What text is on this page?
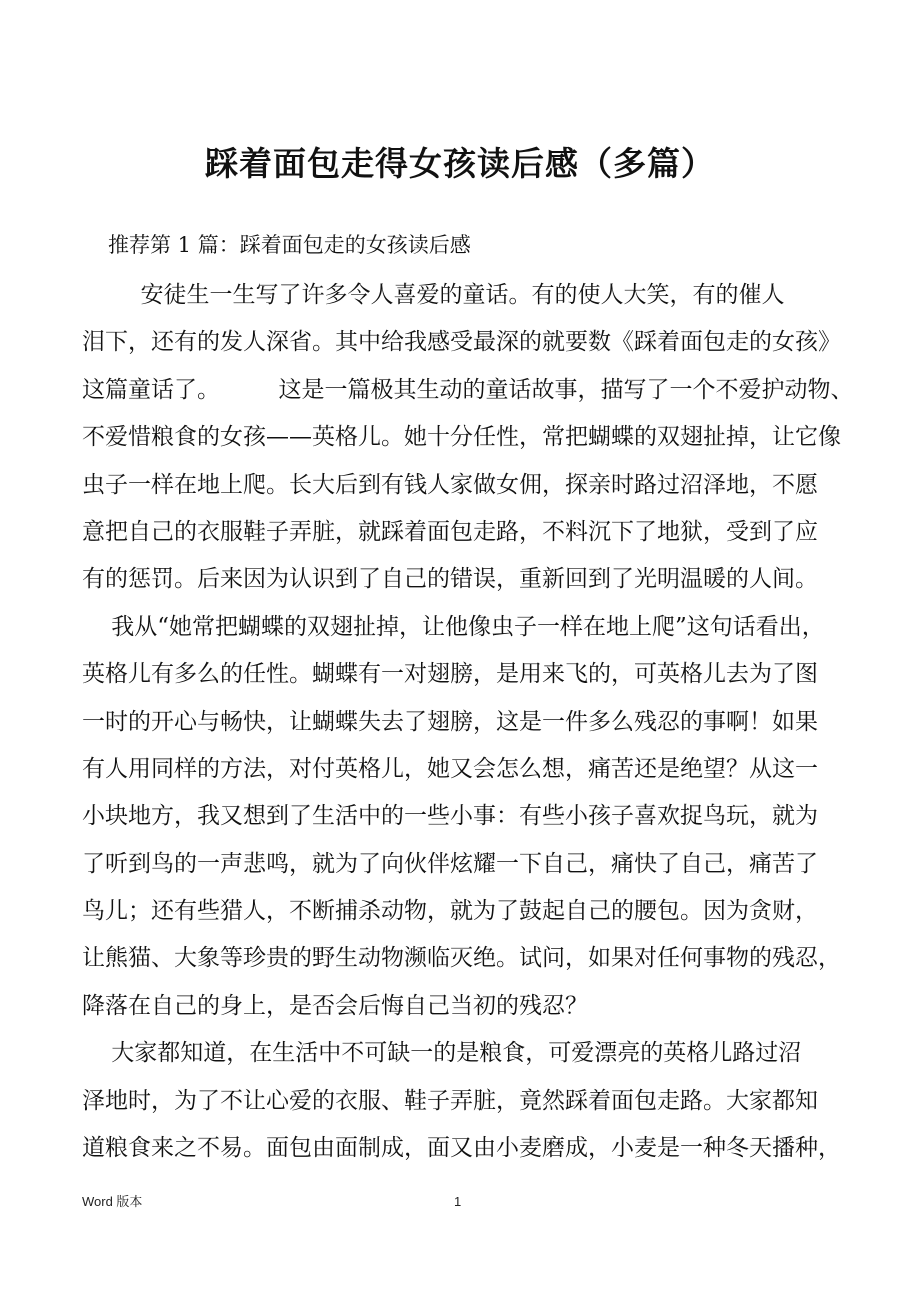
踩着面包走得女孩读后感（多篇）
推荐第 1 篇：踩着面包走的女孩读后感
安徒生一生写了许多令人喜爱的童话。有的使人大笑，有的催人
泪下，还有的发人深省。其中给我感受最深的就要数《踩着面包走的女孩》
这篇童话了。        这是一篇极其生动的童话故事，描写了一个不爱护动物、
不爱惜粮食的女孩——英格儿。她十分任性，常把蝴蝶的双翅扯掉，让它像
虫子一样在地上爬。长大后到有钱人家做女佣，探亲时路过沼泽地，不愿
意把自己的衣服鞋子弄脏，就踩着面包走路，不料沉下了地狱，受到了应
有的惩罚。后来因为认识到了自己的错误，重新回到了光明温暖的人间。
我从“她常把蝴蝶的双翅扯掉，让他像虫子一样在地上爬”这句话看出，
英格儿有多么的任性。蝴蝶有一对翅膀，是用来飞的，可英格儿去为了图
一时的开心与畅快，让蝴蝶失去了翅膀，这是一件多么残忍的事啊！如果
有人用同样的方法，对付英格儿，她又会怎么想，痛苦还是绝望？从这一
小块地方，我又想到了生活中的一些小事：有些小孩子喜欢捉鸟玩，就为
了听到鸟的一声悲鸣，就为了向伙伴炫耀一下自己，痛快了自己，痛苦了
鸟儿；还有些猎人，不断捕杀动物，就为了鼓起自己的腰包。因为贪财，
让熊猫、大象等珍贵的野生动物濒临灭绝。试问，如果对任何事物的残忍，
降落在自己的身上，是否会后悔自己当初的残忍？
大家都知道，在生活中不可缺一的是粮食，可爱漂亮的英格儿路过沼
泽地时，为了不让心爱的衣服、鞋子弄脏，竟然踩着面包走路。大家都知
道粮食来之不易。面包由面制成，面又由小麦磨成，小麦是一种冬天播种，
Word 版本	1
